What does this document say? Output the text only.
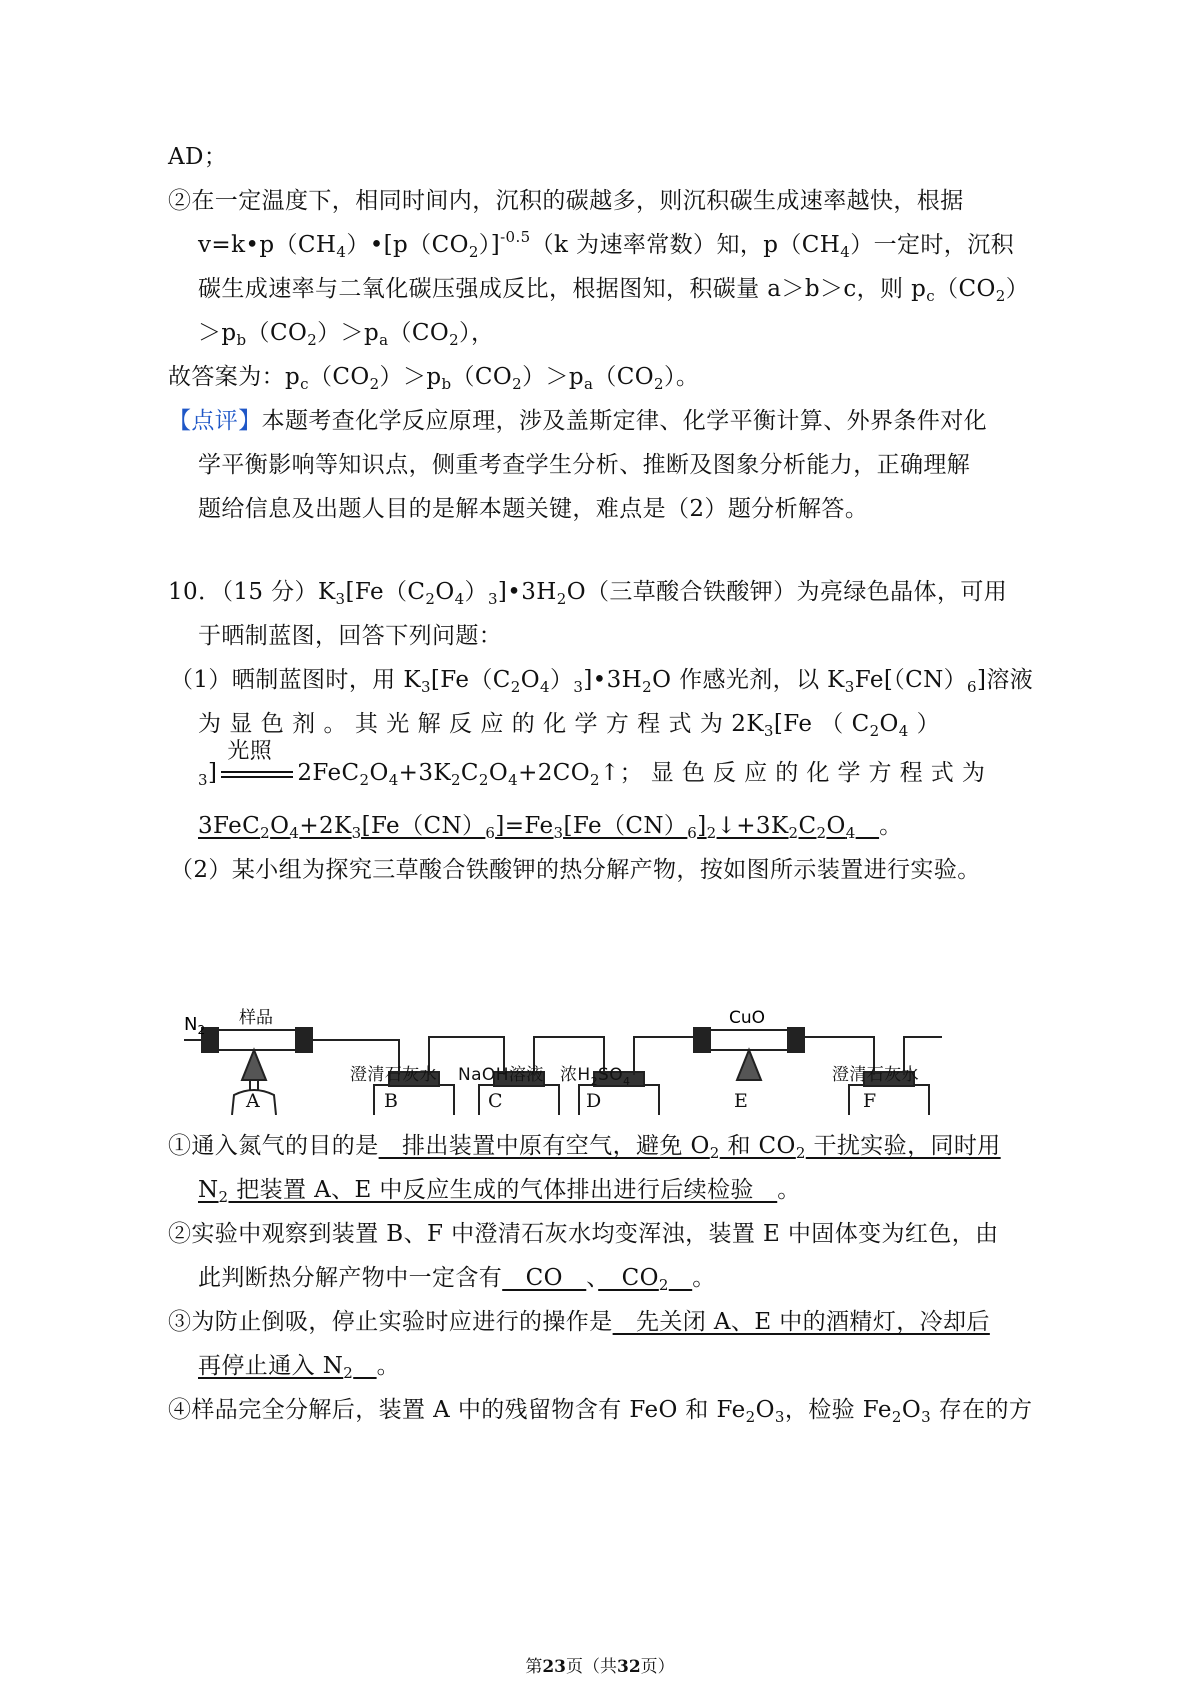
AD；
②在一定温度下，相同时间内，沉积的碳越多，则沉积碳生成速率越快，根据
$v=k•p(CH_4)•[p(CO_2)]^{-0.5}(k$ 为速率常数）知，$p(CH_4)$一定时，沉积
碳生成速率与二氧化碳压强成反比，根据图知，积碳量 a＞b＞c，则 $p_c(CO_2)$
$>p_b(CO_2)>p_a(CO_2)$，
故答案为：$p_c(CO_2)>p_b(CO_2)>p_a(CO_2)$。
【点评】本题考查化学反应原理，涉及盖斯定律、化学平衡计算、外界条件对化
学平衡影响等知识点，侧重考查学生分析、推断及图象分析能力，正确理解
题给信息及出题人目的是解本题关键，难点是（2）题分析解答。
10．（15 分）$K_3[Fe(C_2O_4)_3]•3H_2O$（三草酸合铁酸钾）为亮绿色晶体，可用
于晒制蓝图，回答下列问题：
（1）晒制蓝图时，用 $K_3[Fe(C_2O_4)_3]•3H_2O$ 作感光剂，以 $K_3Fe[(CN)_6]$溶液
为 显 色 剂 。 其 光 解 反 应 的 化 学 方 程 式 为 $2K_3[Fe$ （ $C_2O_4$ ）
$_3$]
光照
$2FeC_2O_4+3K_2C_2O_4+2CO_2↑$； 显 色 反 应 的 化 学 方 程 式 为
$3FeC_2O_4+2K_3[Fe(CN)_6]=Fe_3[Fe(CN)_6]_2↓+3K_2C_2O_4$　 。
（2）某小组为探究三草酸合铁酸钾的热分解产物，按如图所示装置进行实验。
$N_2$
样品	CuO
澄清石灰水 NaOH溶液 浓$H_2SO_4$	澄清石灰水
A	B	C	D	E	F
①通入氮气的目的是　排出装置中原有空气，避免 $O_2$ 和 $CO_2$ 干扰实验，同时用
$N_2$ 把装置 A、E 中反应生成的气体排出进行后续检验　。
②实验中观察到装置 B、F 中澄清石灰水均变浑浊，装置 E 中固体变为红色，由
此判断热分解产物中一定含有　CO　、　$CO_2$　 。
③为防止倒吸，停止实验时应进行的操作是　先关闭 A、E 中的酒精灯，冷却后
再停止通入 $N_2$　 。
④样品完全分解后，装置 A 中的残留物含有 FeO 和 $Fe_2O_3$，检验 $Fe_2O_3$ 存在的方
第23页（共32页）
